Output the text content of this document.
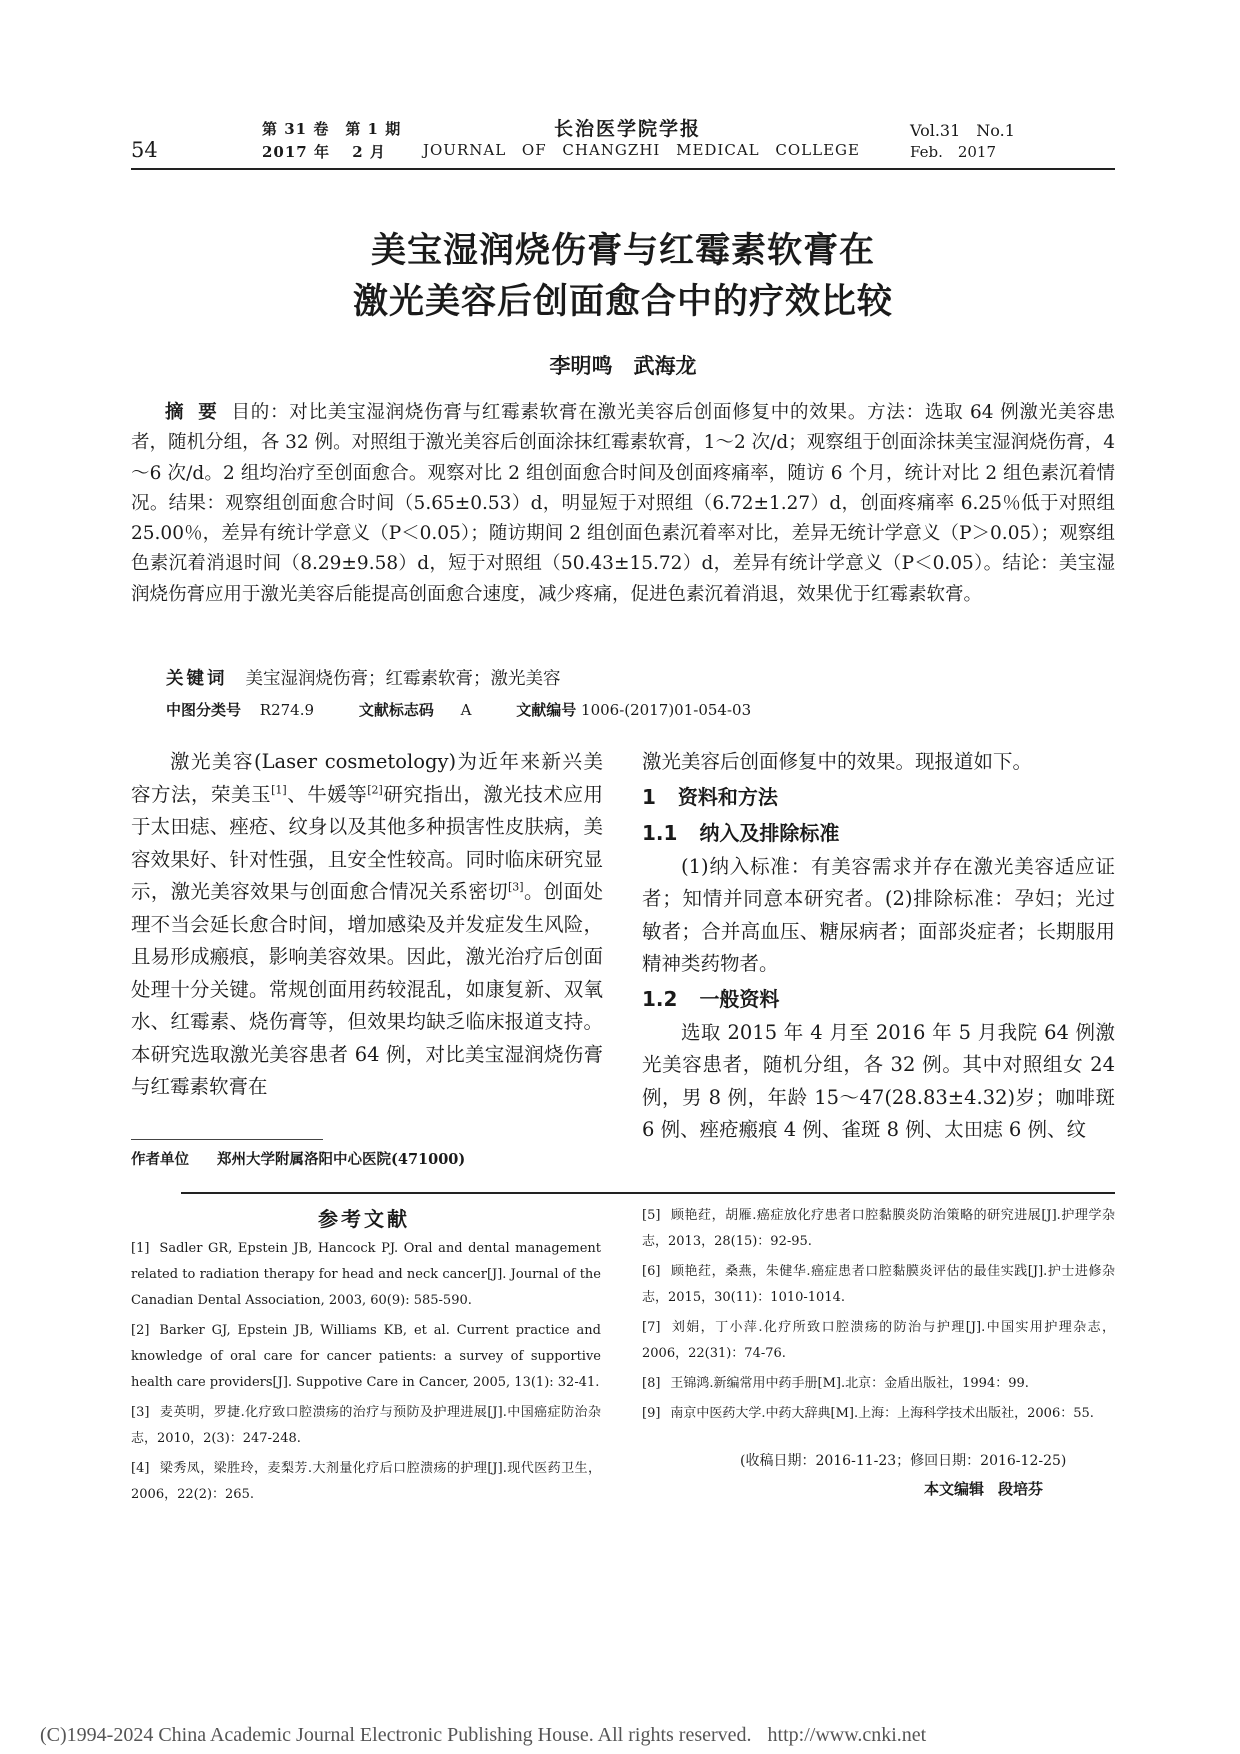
54
第 31 卷　第 1 期
2017 年　 2 月
长治医学院学报
JOURNAL OF CHANGZHI MEDICAL COLLEGE
Vol.31　No.1
Feb.　2017
美宝湿润烧伤膏与红霉素软膏在
激光美容后创面愈合中的疗效比较
李明鸣　武海龙

摘要目的：对比美宝湿润烧伤膏与红霉素软膏在激光美容后创面修复中的效果。方法：选取 64 例激光美容患者，随机分组，各 32 例。对照组于激光美容后创面涂抹红霉素软膏，1～2 次/d；观察组于创面涂抹美宝湿润烧伤膏，4～6 次/d。2 组均治疗至创面愈合。观察对比 2 组创面愈合时间及创面疼痛率，随访 6 个月，统计对比 2 组色素沉着情况。结果：观察组创面愈合时间（5.65±0.53）d，明显短于对照组（6.72±1.27）d，创面疼痛率 6.25％低于对照组 25.00％，差异有统计学意义（P＜0.05）；随访期间 2 组创面色素沉着率对比，差异无统计学意义（P＞0.05）；观察组色素沉着消退时间（8.29±9.58）d，短于对照组（50.43±15.72）d，差异有统计学意义（P＜0.05）。结论：美宝湿润烧伤膏应用于激光美容后能提高创面愈合速度，减少疼痛，促进色素沉着消退，效果优于红霉素软膏。

关键词 美宝湿润烧伤膏；红霉素软膏；激光美容
中图分类号 R274.9	文献标志码 A	文献编号 1006-(2017)01-054-03

激光美容(Laser cosmetology)为近年来新兴美容方法，荣美玉[1]、牛媛等[2]研究指出，激光技术应用于太田痣、痤疮、纹身以及其他多种损害性皮肤病，美容效果好、针对性强，且安全性较高。同时临床研究显示，激光美容效果与创面愈合情况关系密切[3]。创面处理不当会延长愈合时间，增加感染及并发症发生风险，且易形成瘢痕，影响美容效果。因此，激光治疗后创面处理十分关键。常规创面用药较混乱，如康复新、双氧水、红霉素、烧伤膏等，但效果均缺乏临床报道支持。本研究选取激光美容患者 64 例，对比美宝湿润烧伤膏与红霉素软膏在

激光美容后创面修复中的效果。现报道如下。

1 资料和方法
1.1 纳入及排除标准

(1)纳入标准：有美容需求并存在激光美容适应证者；知情并同意本研究者。(2)排除标准：孕妇；光过敏者；合并高血压、糖尿病者；面部炎症者；长期服用精神类药物者。

1.2 一般资料

选取 2015 年 4 月至 2016 年 5 月我院 64 例激光美容患者，随机分组，各 32 例。其中对照组女 24 例，男 8 例，年龄 15～47(28.83±4.32)岁；咖啡斑 6 例、痤疮瘢痕 4 例、雀斑 8 例、太田痣 6 例、纹

作者单位 郑州大学附属洛阳中心医院(471000)
参考文献
[1] Sadler GR, Epstein JB, Hancock PJ. Oral and dental management related to radiation therapy for head and neck cancer[J]. Journal of the Canadian Dental Association, 2003, 60(9): 585-590.
[2] Barker GJ, Epstein JB, Williams KB, et al. Current practice and knowledge of oral care for cancer patients: a survey of supportive health care providers[J]. Suppotive Care in Cancer, 2005, 13(1): 32-41.
[3] 麦英明，罗捷.化疗致口腔溃疡的治疗与预防及护理进展[J].中国癌症防治杂志，2010，2(3)：247-248.
[4] 梁秀凤，梁胜玲，麦梨芳.大剂量化疗后口腔溃疡的护理[J].现代医药卫生，2006，22(2)：265.
[5] 顾艳荭，胡雁.癌症放化疗患者口腔黏膜炎防治策略的研究进展[J].护理学杂志，2013，28(15)：92-95.
[6] 顾艳荭，桑燕，朱健华.癌症患者口腔黏膜炎评估的最佳实践[J].护士进修杂志，2015，30(11)：1010-1014.
[7] 刘娟，丁小萍.化疗所致口腔溃疡的防治与护理[J].中国实用护理杂志，2006，22(31)：74-76.
[8] 王锦鸿.新编常用中药手册[M].北京：金盾出版社，1994：99.
[9] 南京中医药大学.中药大辞典[M].上海：上海科学技术出版社，2006：55.
(收稿日期：2016-11-23；修回日期：2016-12-25)
本文编辑 段培芬
(C)1994-2024 China Academic Journal Electronic Publishing House. All rights reserved. http://www.cnki.net
